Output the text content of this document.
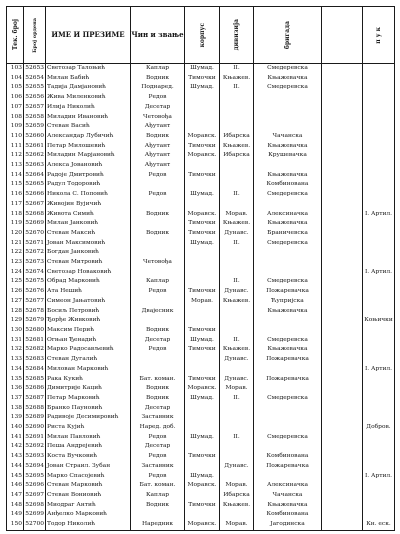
Тек. број	Број ордена	ИМЕ И ПРЕЗИМЕ	Чин и звање	корпус	дивизија	бригада		п у к

103	52653	Светозар Талоњић	Каплар	Шумад.	II.	Смедеревска		
104	52654	Милан Бабић	Водник	Тимочки	Књажев.	Књажевачка		
105	52655	Тадија Дамјановић	Поднаред.	Шумад.	II.	Смедеревска		
106	52656	Жива Миленковић	Редов					
107	52657	Илија Николић	Десетар					
108	52658	Миладин Ивановић	Четовођа					
109	52659	Стеван Васић	Ађутант					
110	52660	Александар Лубичић	Водник	Моравск.	Ибарска	Чачанска		
111	52661	Петар Милошевић	Ађутант	Тимочки	Књажев.	Књажевачка		
112	52662	Миладин Марјановић	Ађутант	Моравск.	Ибарска	Крушевачка		
113	52663	Алекса Јовановић	Ађутант					
114	52664	Радоје Дмитровић	Редов	Тимочки		Књажевачка		
115	52665	Радул Тодоровић				Комбинована		
116	52666	Никола С. Поповић	Редов	Шумад.	II.	Смедеревска		
117	52667	Живојин Вујичић						
118	52668	Живота Симић	Водник	Моравск.	Морав.	Алексиначка		I. Артил.
119	52669	Милан Јанковић		Тимочки	Књажев.	Књажевачка		
120	52670	Стеван Максић	Водник	Тимочки	Дунавс.	Браничевска		
121	52671	Јован Максимовић		Шумад.	II.	Смедеревска		
122	52672	Богдан Јанковић						
123	52673	Стеван Митровић	Четовођа					
124	52674	Светозар Новаковић						I. Артил.
125	52675	Обрад Марковић	Каплар		II.	Смедеревска		
126	52676	Ата Нешић	Редов	Тимочки	Дунавс.	Пожаревачка		
127	52677	Симеон Јањатовић		Морав.	Књажев.	Ћупријска		
128	52678	Босиљ Петровић	Двајесник			Књажевачка		
129	52679	Ђорђе Живковић						Коњички
130	52680	Максим Перић	Водник	Тимочки				
131	52681	Огњан Ђенадић	Десетар	Шумад.	II.	Смедеревска		
132	52682	Марко Радосављевић	Редов	Тимочки	Књажев.	Књажевачка		
133	52683	Стеван Дугалић			Дунавс.	Пожаревачка		
134	52684	Милован Марковић						I. Артил.
135	52685	Рака Кукић	Бат. коман.	Тимочки	Дунавс.	Пожаревачка		
136	52686	Димитрије Кацић	Водник	Моравск.	Морав.			
137	52687	Петар Марковић	Водник	Шумад.	II.	Смедеревска		
138	52688	Бранко Пауновић	Десетар					
139	52689	Радивоје Десимировић	Заставник					
140	52690	Риста Кујић	Наред. доб.					Добров.
141	52691	Милан Павловић	Редов	Шумад.	II.	Смедеревска		
142	52692	Пеша Андрејевић	Десетар					
143	52693	Коста Вучковић	Редов	Тимочки		Комбинована		
144	52694	Јован Страил. Зубан	Заставник		Дунавс.	Пожаревачка		
145	52695	Марко Спасојевић	Редов	Шумад.				I. Артил.
146	52696	Стеван Марковић	Бат. коман.	Моравск.	Морав.	Алексиначка		
147	52697	Стеван Вониовић	Каплар		Ибарска	Чачанска		
148	52698	Миодраг Антић	Водник	Тимочки	Књажев.	Књажевачка		
149	52699	Анђелко Марковић				Комбинована		
150	52700	Тодор Николић	Наредник	Моравск.	Морав.	Јагодинска		Кн. еск.
